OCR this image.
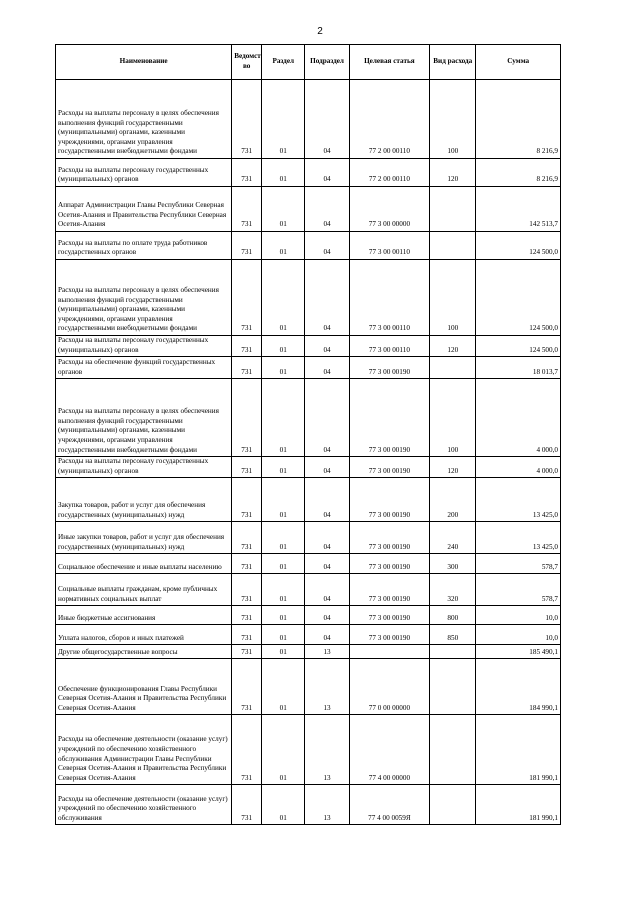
2
Наименование	Ведомст во	Раздел	Подраздел	Целевая статья	Вид расхода	Сумма
Расходы на выплаты персоналу в целях обеспечения выполнения функций государственными (муниципальными) органами, казенными учреждениями, органами управления государственными внебюджетными фондами	731	01	04	77 2 00 00110	100	8 216,9
Расходы на выплаты персоналу государственных (муниципальных) органов	731	01	04	77 2 00 00110	120	8 216,9
Аппарат Администрации Главы Республики Северная Осетия-Алания и Правительства Республики Северная Осетия-Алания	731	01	04	77 3 00 00000		142 513,7
Расходы на выплаты по оплате труда работников государственных органов	731	01	04	77 3 00 00110		124 500,0
Расходы на выплаты персоналу в целях обеспечения выполнения функций государственными (муниципальными) органами, казенными учреждениями, органами управления государственными внебюджетными фондами	731	01	04	77 3 00 00110	100	124 500,0
Расходы на выплаты персоналу государственных (муниципальных) органов	731	01	04	77 3 00 00110	120	124 500,0
Расходы на обеспечение функций государственных органов	731	01	04	77 3 00 00190		18 013,7
Расходы на выплаты персоналу в целях обеспечения выполнения функций государственными (муниципальными) органами, казенными учреждениями, органами управления государственными внебюджетными фондами	731	01	04	77 3 00 00190	100	4 000,0
Расходы на выплаты персоналу государственных (муниципальных) органов	731	01	04	77 3 00 00190	120	4 000,0
Закупка товаров, работ и услуг для обеспечения государственных (муниципальных) нужд	731	01	04	77 3 00 00190	200	13 425,0
Иные закупки товаров, работ и услуг для обеспечения государственных (муниципальных) нужд	731	01	04	77 3 00 00190	240	13 425,0
Социальное обеспечение и иные выплаты населению	731	01	04	77 3 00 00190	300	578,7
Социальные выплаты гражданам, кроме публичных нормативных социальных выплат	731	01	04	77 3 00 00190	320	578,7
Иные бюджетные ассигнования	731	01	04	77 3 00 00190	800	10,0
Уплата налогов, сборов и иных платежей	731	01	04	77 3 00 00190	850	10,0
Другие общегосударственные вопросы	731	01	13			185 490,1
Обеспечение функционирования Главы Республики Северная Осетия-Алания и Правительства Республики Северная Осетия-Алания	731	01	13	77 0 00 00000		184 990,1
Расходы на обеспечение деятельности (оказание услуг) учреждений по обеспечению хозяйственного обслуживания Администрации Главы Республики Северная Осетия-Алания и Правительства Республики Северная Осетия-Алания	731	01	13	77 4 00 00000		181 990,1
Расходы на обеспечение деятельности (оказание услуг) учреждений по обеспечению хозяйственного обслуживания	731	01	13	77 4 00 0059Я		181 990,1
